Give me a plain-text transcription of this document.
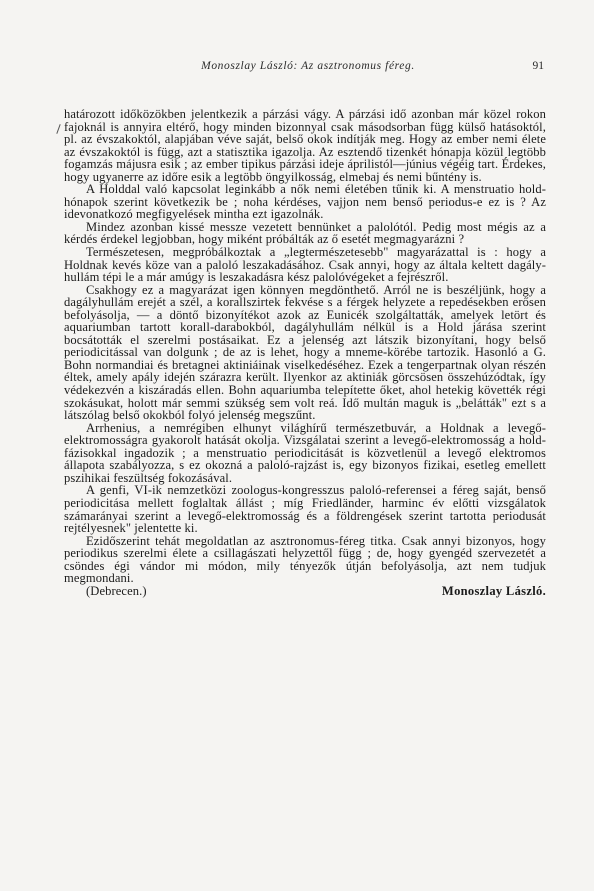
Monoszlay László: Az asztronomus féreg.	91

határozott időközökben jelentkezik a párzási vágy. A párzási idő azonban már közel rokon fajoknál is annyira eltérő, hogy minden bizonnyal csak másodsorban függ külső hatásoktól, pl. az évszakoktól, alapjában véve saját, belső okok indítják meg. Hogy az ember nemi élete az évszakoktól is függ, azt a statisztika igazolja. Az esztendő tizenkét hónapja közül legtöbb fogamzás májusra esik ; az ember tipikus párzási ideje áprilistól—június végéig tart. Érdekes, hogy ugyanerre az időre esik a legtöbb öngyilkosság, elmebaj és nemi bűntény is.

A Holddal való kapcsolat leginkább a nők nemi életében tűnik ki. A menstruatio hold-hónapok szerint következik be ; noha kérdéses, vajjon nem benső periodus-e ez is ? Az idevonatkozó megfigyelések mintha ezt igazolnák.

Mindez azonban kissé messze vezetett bennünket a palolótól. Pedig most mégis az a kérdés érdekel legjobban, hogy miként próbálták az ő esetét megmagyarázni ?

Természetesen, megpróbálkoztak a „legtermészetesebb" magyarázattal is : hogy a Holdnak kevés köze van a paloló leszakadásához. Csak annyi, hogy az általa keltett dagály-hullám tépi le a már amúgy is leszakadásra kész palolóvégeket a fejrészről.

Csakhogy ez a magyarázat igen könnyen megdönthető. Arról ne is beszéljünk, hogy a dagályhullám erejét a szél, a korallszirtek fekvése s a férgek helyzete a repedésekben erősen befolyásolja, — a döntő bizonyítékot azok az Eunicék szolgáltatták, amelyek letört és aquariumban tartott korall-darabokból, dagályhullám nélkül is a Hold járása szerint bocsátották el szerelmi postásaikat. Ez a jelenség azt látszik bizonyítani, hogy belső periodicitással van dolgunk ; de az is lehet, hogy a mneme-körébe tartozik. Hasonló a G. Bohn normandiai és bretagnei aktiniáinak viselkedéséhez. Ezek a tengerpartnak olyan részén éltek, amely apály idején szárazra került. Ilyenkor az aktiniák görcsösen összehúzódtak, így védekezvén a kiszáradás ellen. Bohn aquariumba telepítette őket, ahol hetekig követték régi szokásukat, holott már semmi szükség sem volt reá. Idő multán maguk is „belátták" ezt s a látszólag belső okokból folyó jelenség megszűnt.

Arrhenius, a nemrégiben elhunyt világhírű természetbuvár, a Holdnak a levegő-elektromosságra gyakorolt hatását okolja. Vizsgálatai szerint a levegő-elektromosság a hold-fázisokkal ingadozik ; a menstruatio periodicitását is közvetlenül a levegő elektromos állapota szabályozza, s ez okozná a paloló-rajzást is, egy bizonyos fizikai, esetleg emellett pszihikai feszültség fokozásával.

A genfi, VI-ik nemzetközi zoologus-kongresszus paloló-referensei a féreg saját, benső periodicitása mellett foglaltak állást ; míg Friedländer, harminc év előtti vizsgálatok számarányai szerint a levegő-elektromosság és a földrengések szerint tartotta periodusát rejtélyesnek" jelentette ki.

Ezidőszerint tehát megoldatlan az asztronomus-féreg titka. Csak annyi bizonyos, hogy periodikus szerelmi élete a csillagászati helyzettől függ ; de, hogy gyengéd szervezetét a csöndes égi vándor mi módon, mily tényezők útján befolyásolja, azt nem tudjuk megmondani.

(Debrecen.)	Monoszlay László.
